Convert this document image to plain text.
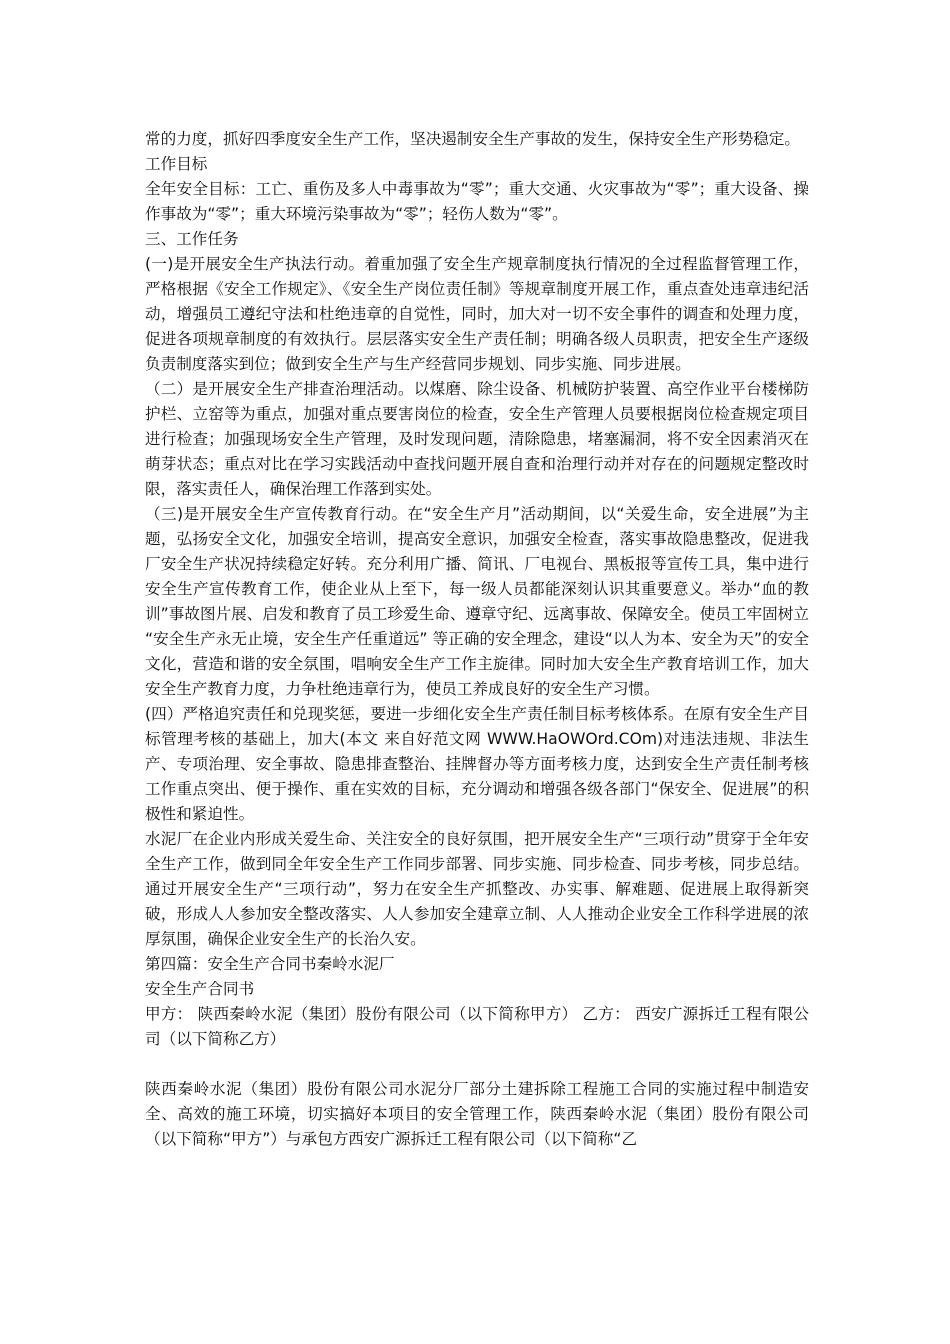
常的力度，抓好四季度安全生产工作，坚决遏制安全生产事故的发生，保持安全生产形势稳定。

工作目标

全年安全目标：工亡、重伤及多人中毒事故为“零”；重大交通、火灾事故为“零”；重大设备、操作事故为“零”；重大环境污染事故为“零”；轻伤人数为“零”。

三、工作任务

(一)是开展安全生产执法行动。着重加强了安全生产规章制度执行情况的全过程监督管理工作，严格根据《安全工作规定》、《安全生产岗位责任制》等规章制度开展工作，重点查处违章违纪活动，增强员工遵纪守法和杜绝违章的自觉性，同时，加大对一切不安全事件的调查和处理力度，促进各项规章制度的有效执行。层层落实安全生产责任制；明确各级人员职责，把安全生产逐级负责制度落实到位；做到安全生产与生产经营同步规划、同步实施、同步进展。

（二）是开展安全生产排查治理活动。以煤磨、除尘设备、机械防护装置、高空作业平台楼梯防护栏、立窑等为重点，加强对重点要害岗位的检查，安全生产管理人员要根据岗位检查规定项目进行检查；加强现场安全生产管理，及时发现问题，清除隐患，堵塞漏洞，将不安全因素消灭在萌芽状态；重点对比在学习实践活动中查找问题开展自查和治理行动并对存在的问题规定整改时限，落实责任人，确保治理工作落到实处。

（三)是开展安全生产宣传教育行动。在“安全生产月”活动期间，以“关爱生命，安全进展”为主题，弘扬安全文化，加强安全培训，提高安全意识，加强安全检查，落实事故隐患整改，促进我厂安全生产状况持续稳定好转。充分利用广播、简讯、厂电视台、黑板报等宣传工具，集中进行安全生产宣传教育工作，使企业从上至下，每一级人员都能深刻认识其重要意义。举办“血的教训”事故图片展、启发和教育了员工珍爱生命、遵章守纪、远离事故、保障安全。使员工牢固树立 “安全生产永无止境，安全生产任重道远” 等正确的安全理念，建设“以人为本、安全为天”的安全文化，营造和谐的安全氛围，唱响安全生产工作主旋律。同时加大安全生产教育培训工作，加大安全生产教育力度，力争杜绝违章行为，使员工养成良好的安全生产习惯。

(四）严格追究责任和兑现奖惩，要进一步细化安全生产责任制目标考核体系。在原有安全生产目标管理考核的基础上，加大(本文 来自好范文网 WWW.HaOWOrd.COm)对违法违规、非法生产、专项治理、安全事故、隐患排查整治、挂牌督办等方面考核力度，达到安全生产责任制考核工作重点突出、便于操作、重在实效的目标，充分调动和增强各级各部门“保安全、促进展”的积极性和紧迫性。

水泥厂在企业内形成关爱生命、关注安全的良好氛围，把开展安全生产“三项行动”贯穿于全年安全生产工作，做到同全年安全生产工作同步部署、同步实施、同步检查、同步考核，同步总结。通过开展安全生产“三项行动”，努力在安全生产抓整改、办实事、解难题、促进展上取得新突破，形成人人参加安全整改落实、人人参加安全建章立制、人人推动企业安全工作科学进展的浓厚氛围，确保企业安全生产的长治久安。

第四篇：安全生产合同书秦岭水泥厂

安全生产合同书

甲方： 陕西秦岭水泥（集团）股份有限公司（以下简称甲方） 乙方： 西安广源拆迁工程有限公司（以下简称乙方）

陕西秦岭水泥（集团）股份有限公司水泥分厂部分土建拆除工程施工合同的实施过程中制造安全、高效的施工环境，切实搞好本项目的安全管理工作，陕西秦岭水泥（集团）股份有限公司（以下简称“甲方”）与承包方西安广源拆迁工程有限公司（以下简称“乙
